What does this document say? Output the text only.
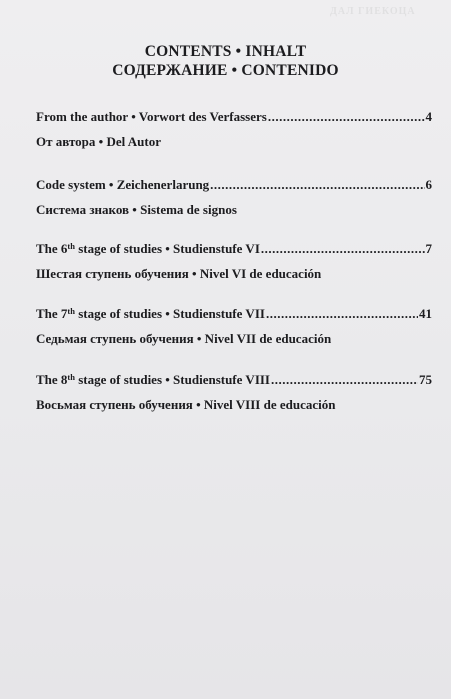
ДАЛ ГИЕКОЦА
CONTENTS • INHALT
СОДЕРЖАНИЕ • CONTENIDO
From the author • Vorwort des Verfassers .....	4
От автора • Del Autor
Code system • Zeichenerlarung .....	6
Система знаков • Sistema de signos
The 6th stage of studies • Studienstufe VI .....	7
Шестая ступень обучения • Nivel VI de educación
The 7th stage of studies • Studienstufe VII .....	41
Седьмая ступень обучения • Nivel VII de educación
The 8th stage of studies • Studienstufe VIII .....	75
Восьмая ступень обучения • Nivel VIII de educación
